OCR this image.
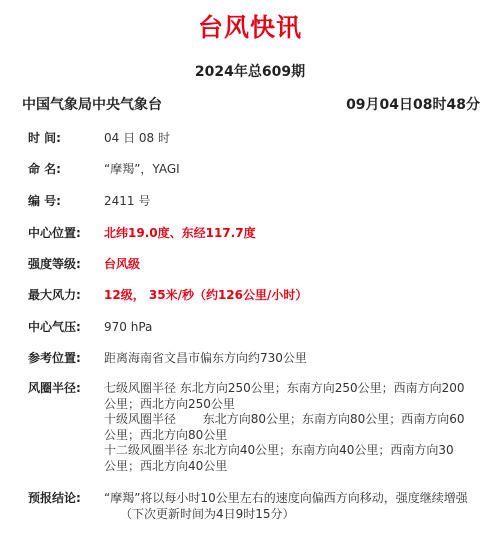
台风快讯
2024年总609期
中国气象局中央气象台	09月04日08时48分
时 间:	04 日 08 时
命 名:	“摩羯”，YAGI
编 号:	2411 号
中心位置:	北纬19.0度、东经117.7度
强度等级:	台风级
最大风力:	12级， 35米/秒（约126公里/小时）
中心气压:	970 hPa
参考位置:	距离海南省文昌市偏东方向约730公里
风圈半径:	七级风圈半径 东北方向250公里；东南方向250公里；西南方向200
公里；西北方向250公里
十级风圈半径       东北方向80公里；东南方向80公里；西南方向60
公里；西北方向80公里
十二级风圈半径 东北方向40公里；东南方向40公里；西南方向30
公里；西北方向40公里
预报结论:	“摩羯”将以每小时10公里左右的速度向偏西方向移动，强度继续增强
（下次更新时间为4日9时15分）
